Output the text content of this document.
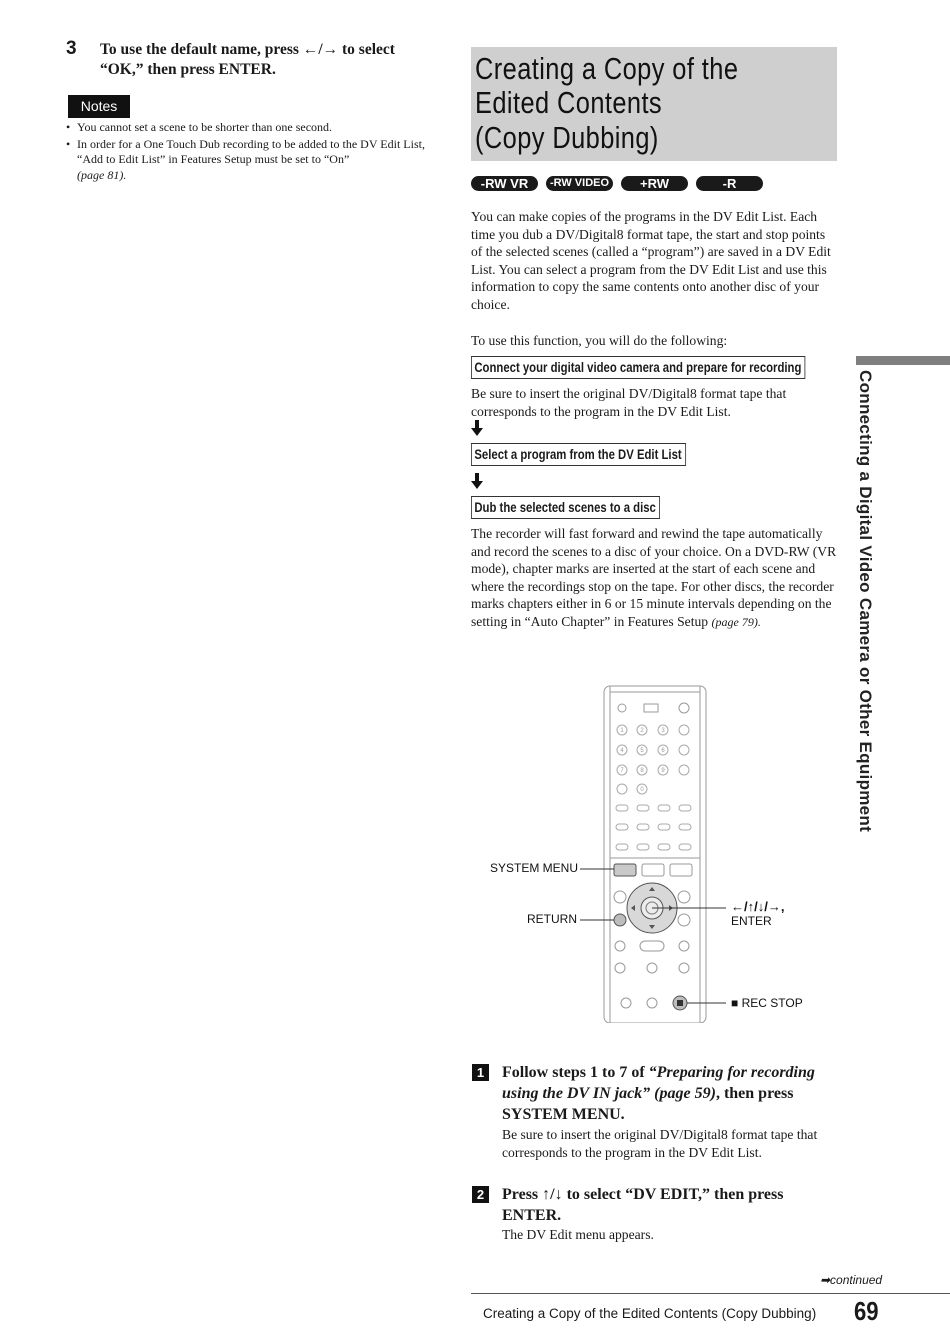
3 To use the default name, press ←/→ to select “OK,” then press ENTER.
Notes
• You cannot set a scene to be shorter than one second.
• In order for a One Touch Dub recording to be added to the DV Edit List, “Add to Edit List” in Features Setup must be set to “On”
(page 81).
Creating a Copy of the
Edited Contents
(Copy Dubbing)
-RW VR	-RW VIDEO	+RW	-R
You can make copies of the programs in the DV Edit List. Each time you dub a DV/Digital8 format tape, the start and stop points of the selected scenes (called a “program”) are saved in a DV Edit List. You can select a program from the DV Edit List and use this information to copy the same contents onto another disc of your choice.
To use this function, you will do the following:
Connect your digital video camera and prepare for recording
Be sure to insert the original DV/Digital8 format tape that corresponds to the program in the DV Edit List.
Select a program from the DV Edit List
Dub the selected scenes to a disc
The recorder will fast forward and rewind the tape automatically and record the scenes to a disc of your choice. On a DVD-RW (VR mode), chapter marks are inserted at the start of each scene and where the recordings stop on the tape. For other discs, the recorder marks chapters either in 6 or 15 minute intervals depending on the setting in “Auto Chapter” in Features Setup (page 79).	Connecting a Digital Video Camera or Other Equipment
1	2	3
4	5	6
7	8	9
0
SYSTEM MENU
RETURN
←/↑/↓/→,
ENTER
■ REC STOP
1	Follow steps 1 to 7 of “Preparing for recording using the DV IN jack” (page 59), then press SYSTEM MENU.
Be sure to insert the original DV/Digital8 format tape that corresponds to the program in the DV Edit List.
2	Press ↑/↓ to select “DV EDIT,” then press ENTER.
The DV Edit menu appears.
➡continued
Creating a Copy of the Edited Contents (Copy Dubbing) 69
